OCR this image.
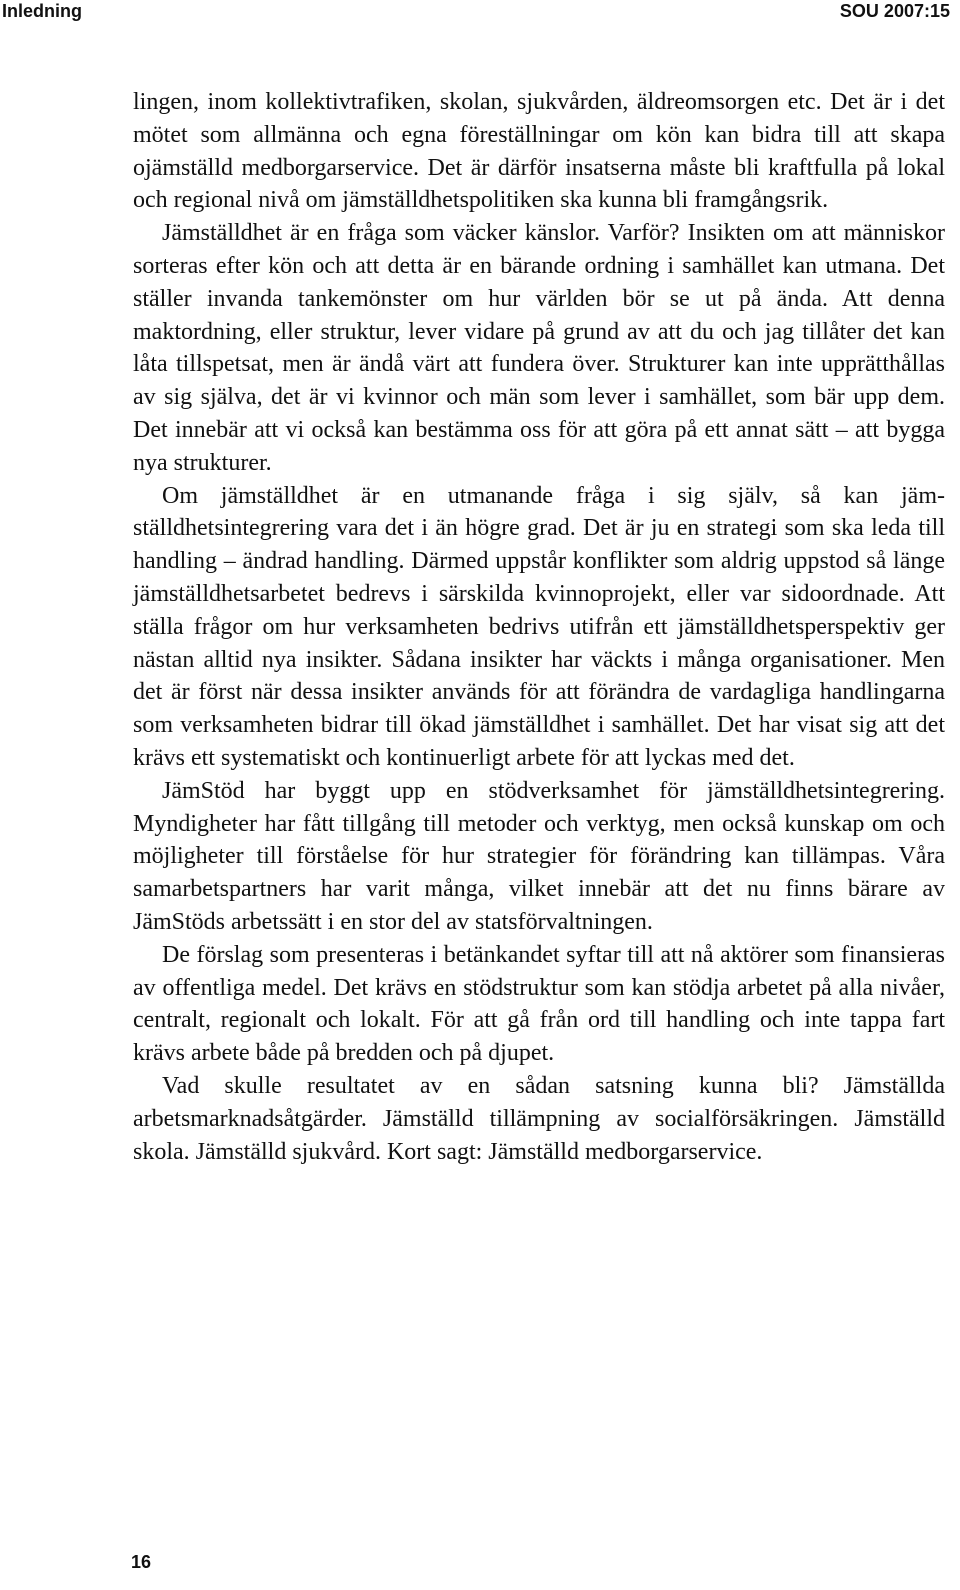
Inledning	SOU 2007:15

lingen, inom kollektivtrafiken, skolan, sjukvården, äldreomsorgen etc. Det är i det mötet som allmänna och egna föreställningar om kön kan bidra till att skapa ojämställd medborgarservice. Det är därför insatserna måste bli kraftfulla på lokal och regional nivå om jämställdhetspolitiken ska kunna bli framgångsrik.

Jämställdhet är en fråga som väcker känslor. Varför? Insikten om att människor sorteras efter kön och att detta är en bärande ordning i samhället kan utmana. Det ställer invanda tankemönster om hur världen bör se ut på ända. Att denna maktordning, eller struktur, lever vidare på grund av att du och jag tillåter det kan låta tillspetsat, men är ändå värt att fundera över. Strukturer kan inte upprätthållas av sig själva, det är vi kvinnor och män som lever i samhället, som bär upp dem. Det innebär att vi också kan bestämma oss för att göra på ett annat sätt – att bygga nya strukturer.

Om jämställdhet är en utmanande fråga i sig själv, så kan jämställdhetsintegrering vara det i än högre grad. Det är ju en strategi som ska leda till handling – ändrad handling. Därmed uppstår konflikter som aldrig uppstod så länge jämställdhetsarbetet bedrevs i särskilda kvinnoprojekt, eller var sidoordnade. Att ställa frågor om hur verksamheten bedrivs utifrån ett jämställdhetsperspektiv ger nästan alltid nya insikter. Sådana insikter har väckts i många organisationer. Men det är först när dessa insikter används för att förändra de vardagliga handlingarna som verksamheten bidrar till ökad jämställdhet i samhället. Det har visat sig att det krävs ett systematiskt och kontinuerligt arbete för att lyckas med det.

JämStöd har byggt upp en stödverksamhet för jämställdhetsintegrering. Myndigheter har fått tillgång till metoder och verktyg, men också kunskap om och möjligheter till förståelse för hur strategier för förändring kan tillämpas. Våra samarbetspartners har varit många, vilket innebär att det nu finns bärare av JämStöds arbetssätt i en stor del av statsförvaltningen.

De förslag som presenteras i betänkandet syftar till att nå aktörer som finansieras av offentliga medel. Det krävs en stödstruktur som kan stödja arbetet på alla nivåer, centralt, regionalt och lokalt. För att gå från ord till handling och inte tappa fart krävs arbete både på bredden och på djupet.

Vad skulle resultatet av en sådan satsning kunna bli? Jämställda arbetsmarknadsåtgärder. Jämställd tillämpning av socialförsäkringen. Jämställd skola. Jämställd sjukvård. Kort sagt: Jämställd medborgarservice.

16
